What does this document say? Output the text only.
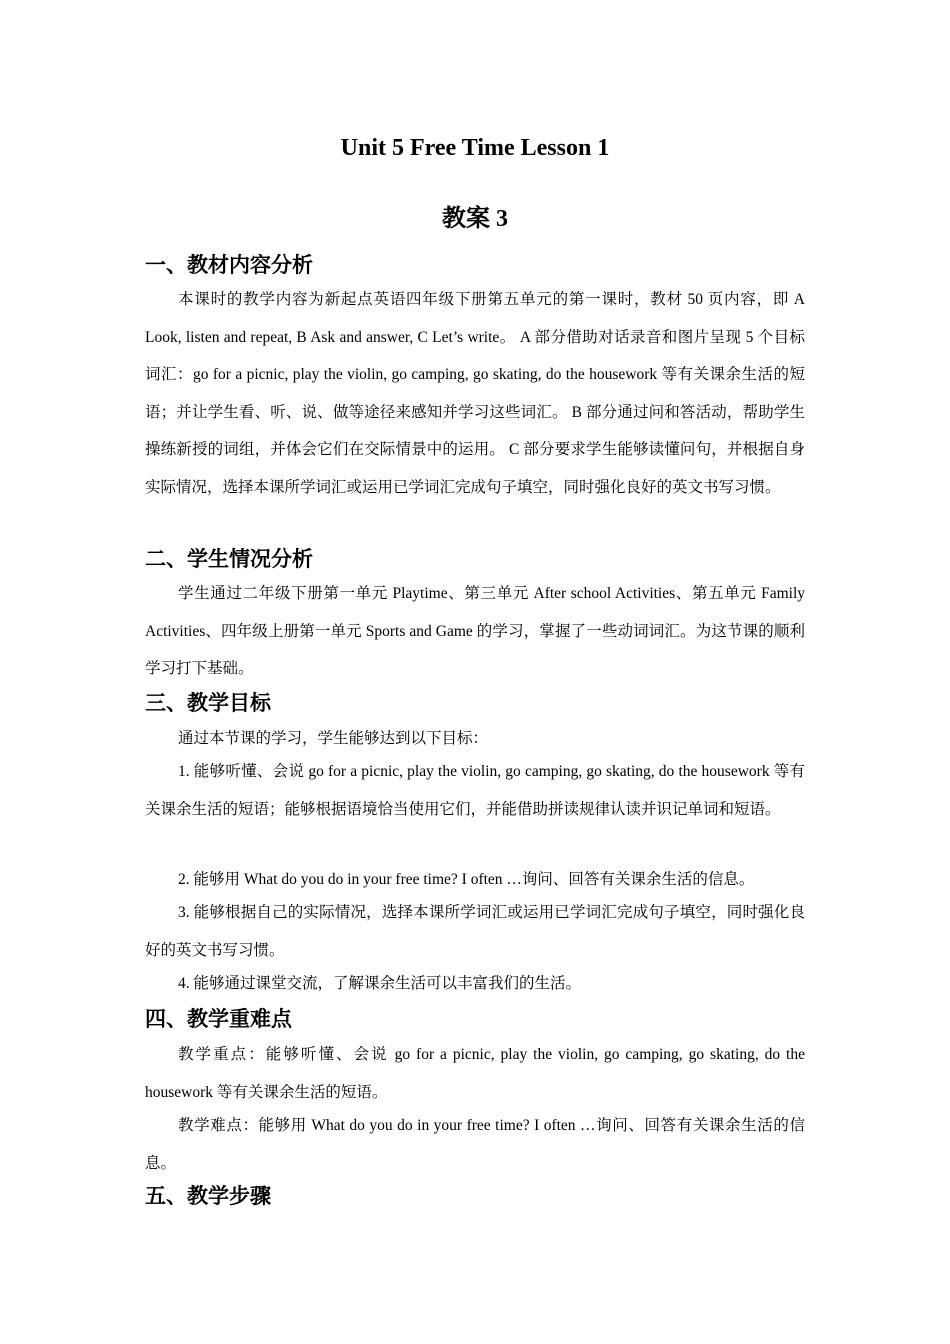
Unit 5 Free Time Lesson 1
教案 3
一、教材内容分析

本课时的教学内容为新起点英语四年级下册第五单元的第一课时，教材 50 页内容，即 A Look, listen and repeat, B Ask and answer, C Let’s write。 A 部分借助对话录音和图片呈现 5 个目标词汇：go for a picnic, play the violin, go camping, go skating, do the housework 等有关课余生活的短语；并让学生看、听、说、做等途径来感知并学习这些词汇。 B 部分通过问和答活动，帮助学生操练新授的词组，并体会它们在交际情景中的运用。 C 部分要求学生能够读懂问句，并根据自身实际情况，选择本课所学词汇或运用已学词汇完成句子填空，同时强化良好的英文书写习惯。

二、学生情况分析

学生通过二年级下册第一单元 Playtime、第三单元 After school Activities、第五单元 Family Activities、四年级上册第一单元 Sports and Game 的学习，掌握了一些动词词汇。为这节课的顺利学习打下基础。

三、教学目标

通过本节课的学习，学生能够达到以下目标：

1. 能够听懂、会说 go for a picnic, play the violin, go camping, go skating, do the housework 等有关课余生活的短语；能够根据语境恰当使用它们，并能借助拼读规律认读并识记单词和短语。

2. 能够用 What do you do in your free time? I often …询问、回答有关课余生活的信息。

3. 能够根据自己的实际情况，选择本课所学词汇或运用已学词汇完成句子填空，同时强化良好的英文书写习惯。

4. 能够通过课堂交流，了解课余生活可以丰富我们的生活。

四、教学重难点

教学重点：能够听懂、会说 go for a picnic, play the violin, go camping, go skating, do the housework 等有关课余生活的短语。

教学难点：能够用 What do you do in your free time? I often …询问、回答有关课余生活的信息。

五、教学步骤
